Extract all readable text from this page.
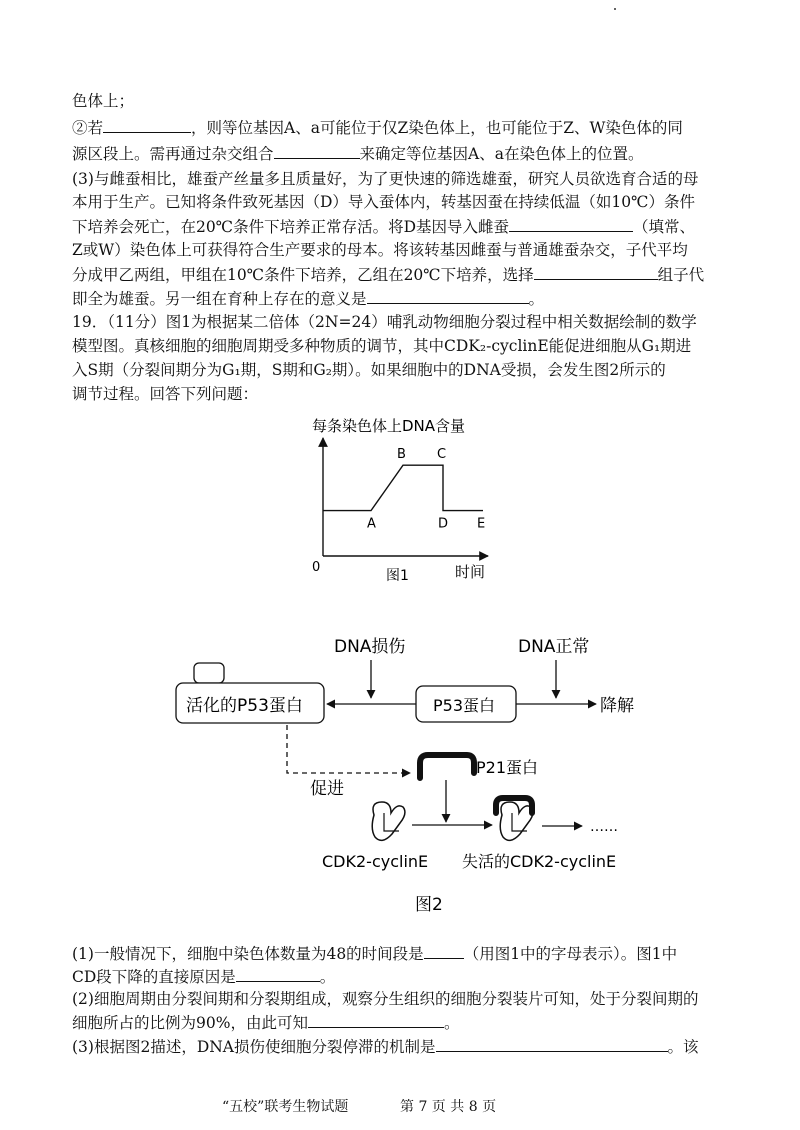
色体上；
②若	，则等位基因A、a可能位于仅Z染色体上，也可能位于Z、W染色体的同
源区段上。需再通过杂交组合	来确定等位基因A、a在染色体上的位置。
(3)与雌蚕相比，雄蚕产丝量多且质量好，为了更快速的筛选雄蚕，研究人员欲选育合适的母
本用于生产。已知将条件致死基因（D）导入蚕体内，转基因蚕在持续低温（如10℃）条件
下培养会死亡，在20℃条件下培养正常存活。将D基因导入雌蚕	（填常、
Z或W）染色体上可获得符合生产要求的母本。将该转基因雌蚕与普通雄蚕杂交，子代平均
分成甲乙两组，甲组在10℃条件下培养，乙组在20℃下培养，选择	组子代
即全为雄蚕。另一组在育种上存在的意义是	。
19．（11分）图1为根据某二倍体（2N=24）哺乳动物细胞分裂过程中相关数据绘制的数学
模型图。真核细胞的细胞周期受多种物质的调节，其中CDK₂-cyclinE能促进细胞从G₁期进
入S期（分裂间期分为G₁期，S期和G₂期）。如果细胞中的DNA受损，会发生图2所示的
调节过程。回答下列问题：
每条染色体上DNA含量
0	时间
图1
A
B C
D E
活化的P53蛋白	P53蛋白
DNA损伤	DNA正常
降解
促进
P21蛋白
……
CDK2-cyclinE 失活的CDK2-cyclinE
图2
(1)一般情况下，细胞中染色体数量为48的时间段是	（用图1中的字母表示）。图1中
CD段下降的直接原因是	。
(2)细胞周期由分裂间期和分裂期组成，观察分生组织的细胞分裂装片可知，处于分裂间期的
细胞所占的比例为90%，由此可知	。
(3)根据图2描述，DNA损伤使细胞分裂停滞的机制是	。该
“五校”联考生物试题	第 7 页 共 8 页
